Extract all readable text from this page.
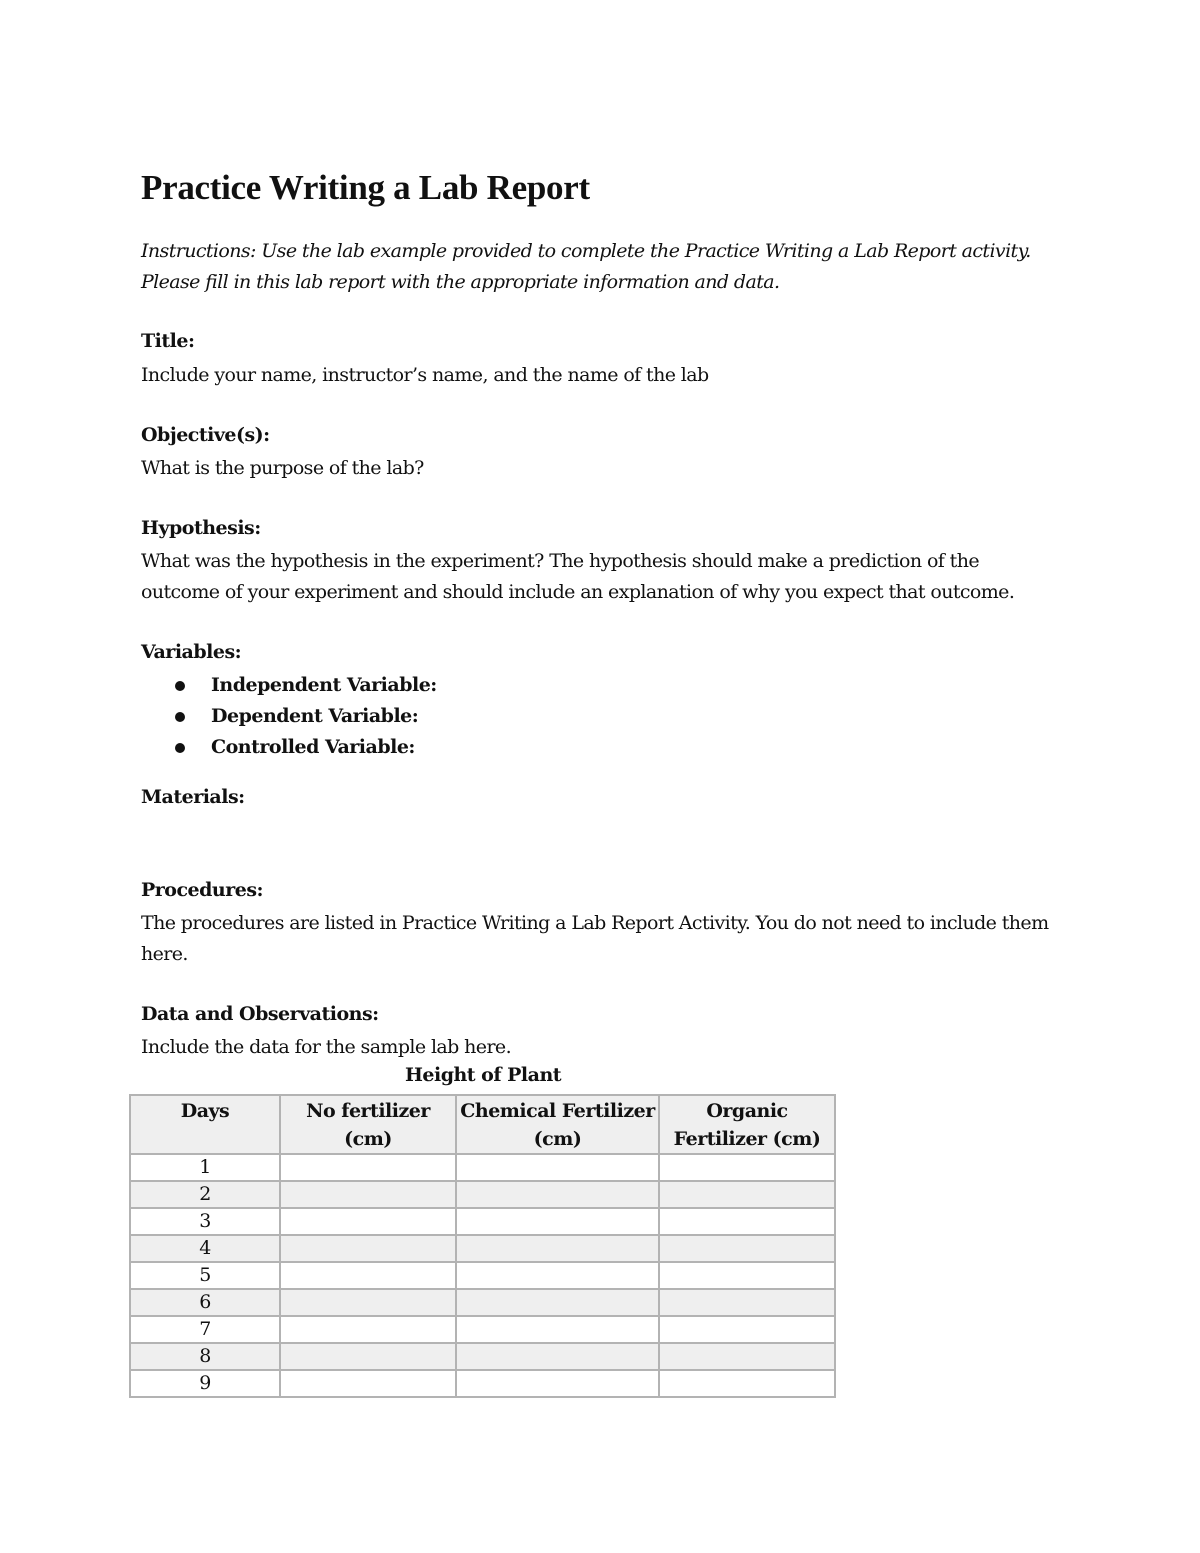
Practice Writing a Lab Report

Instructions: Use the lab example provided to complete the Practice Writing a Lab Report activity. Please fill in this lab report with the appropriate information and data.

Title:

Include your name, instructor’s name, and the name of the lab

Objective(s):

What is the purpose of the lab?

Hypothesis:

What was the hypothesis in the experiment? The hypothesis should make a prediction of the outcome of your experiment and should include an explanation of why you expect that outcome.

Variables:

Independent Variable:
Dependent Variable:
Controlled Variable:

Materials:

Procedures:

The procedures are listed in Practice Writing a Lab Report Activity. You do not need to include them here.

Data and Observations:

Include the data for the sample lab here.

Height of Plant

Days	No fertilizer (cm)	Chemical Fertilizer (cm)	Organic Fertilizer (cm)
1			
2			
3			
4			
5			
6			
7			
8			
9			
